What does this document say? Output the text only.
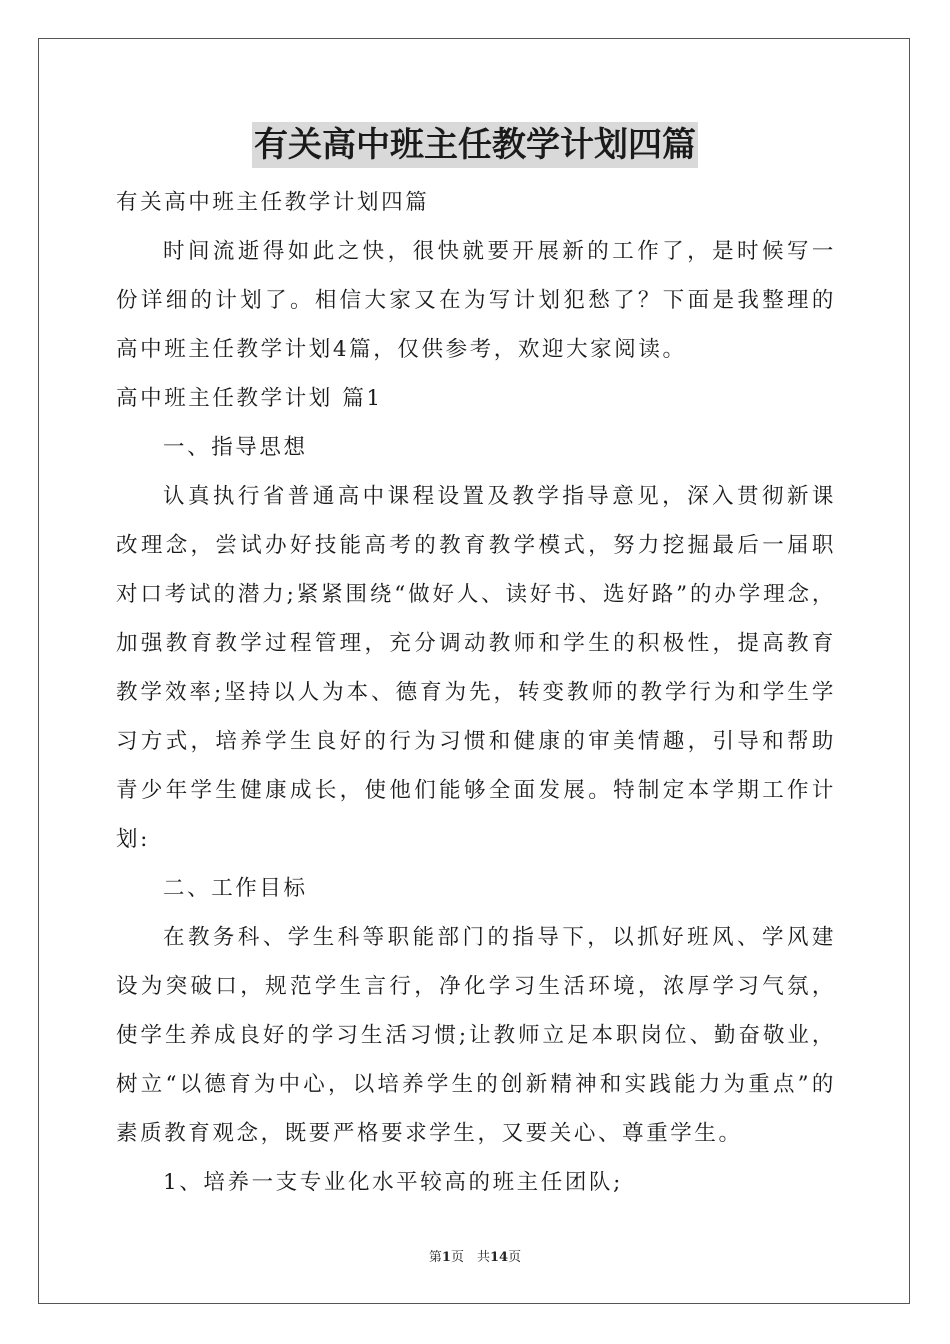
有关高中班主任教学计划四篇

有关高中班主任教学计划四篇

时间流逝得如此之快，很快就要开展新的工作了，是时候写一份详细的计划了。相信大家又在为写计划犯愁了？下面是我整理的高中班主任教学计划4篇，仅供参考，欢迎大家阅读。

高中班主任教学计划 篇1

一、指导思想

认真执行省普通高中课程设置及教学指导意见，深入贯彻新课改理念，尝试办好技能高考的教育教学模式，努力挖掘最后一届职对口考试的潜力;紧紧围绕“做好人、读好书、选好路”的办学理念，加强教育教学过程管理，充分调动教师和学生的积极性，提高教育教学效率;坚持以人为本、德育为先，转变教师的教学行为和学生学习方式，培养学生良好的行为习惯和健康的审美情趣，引导和帮助青少年学生健康成长，使他们能够全面发展。特制定本学期工作计划:

二、工作目标

在教务科、学生科等职能部门的指导下，以抓好班风、学风建设为突破口，规范学生言行，净化学习生活环境，浓厚学习气氛，使学生养成良好的学习生活习惯;让教师立足本职岗位、勤奋敬业，树立“以德育为中心，以培养学生的创新精神和实践能力为重点”的素质教育观念，既要严格要求学生，又要关心、尊重学生。

1、培养一支专业化水平较高的班主任团队;

第1页　共14页
